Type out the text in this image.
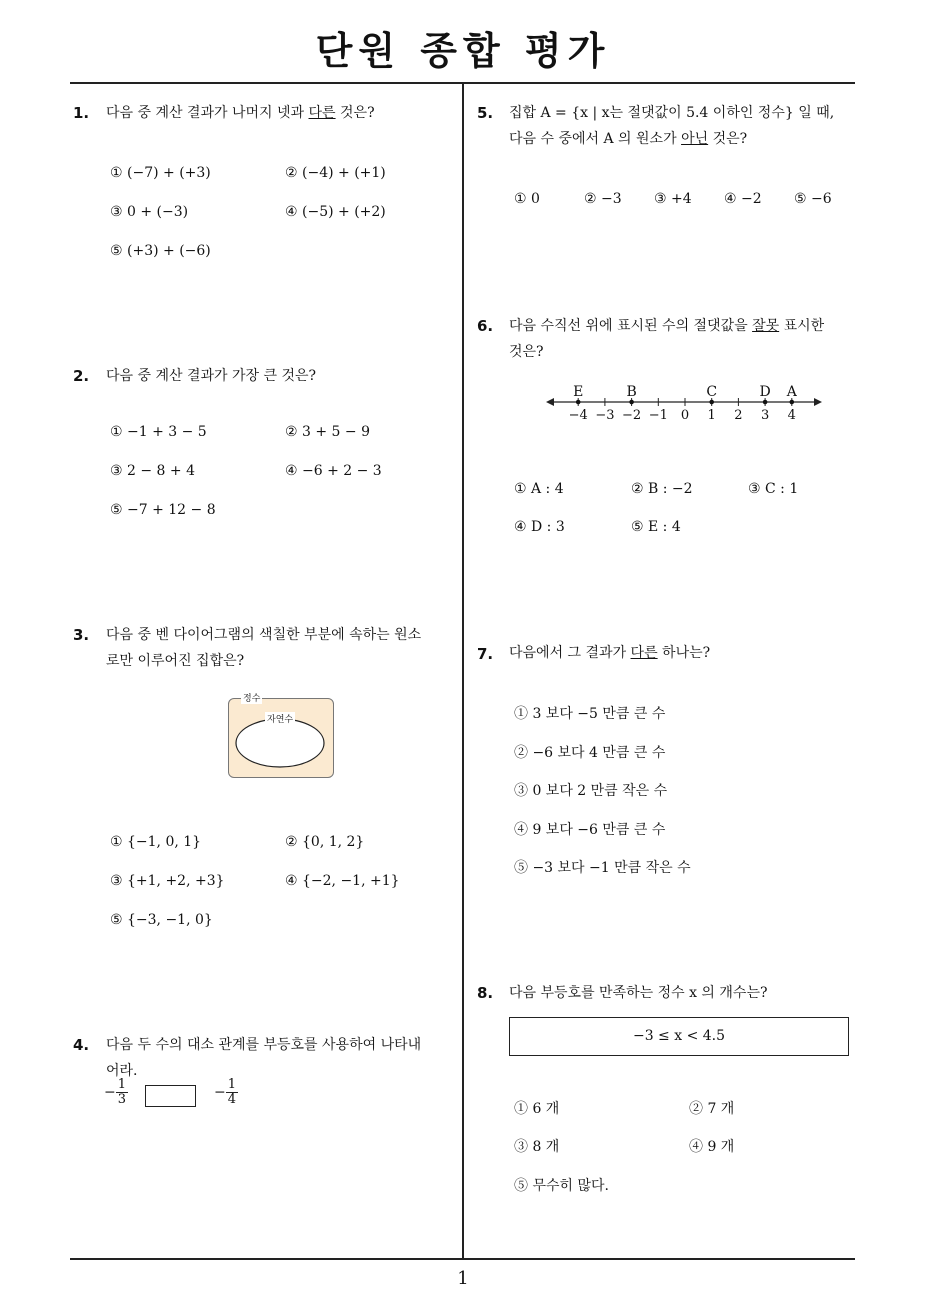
단원 종합 평가
1
1. 다음 중 계산 결과가 나머지 넷과 다른 것은?
① (−7) + (+3)	② (−4) + (+1)
③ 0 + (−3)	④ (−5) + (+2)
⑤ (+3) + (−6)
2. 다음 중 계산 결과가 가장 큰 것은?
① −1 + 3 − 5	② 3 + 5 − 9
③ 2 − 8 + 4	④ −6 + 2 − 3
⑤ −7 + 12 − 8
3. 다음 중 벤 다이어그램의 색칠한 부분에 속하는 원소
로만 이루어진 집합은?
정수
자연수
① {−1, 0, 1}	② {0, 1, 2}
③ {+1, +2, +3}	④ {−2, −1, +1}
⑤ {−3, −1, 0}
4. 다음 두 수의 대소 관계를 부등호를 사용하여 나타내
어라.
− $\frac{1}{3}$	− $\frac{1}{4}$
5. 집합 A = {x | x는 절댓값이 5.4 이하인 정수} 일 때,
다음 수 중에서 A 의 원소가 아닌 것은?
① 0	② −3 ③ +4 ④ −2 ⑤ −6
6. 다음 수직선 위에 표시된 수의 절댓값을 잘못 표시한
것은?
−4 −3 −2 −1 0 1 2 3 4
E	B	C	D A
① A : 4	② B : −2	③ C : 1
④ D : 3	⑤ E : 4
7. 다음에서 그 결과가 다른 하나는?
① 3 보다 −5 만큼 큰 수
② −6 보다 4 만큼 큰 수
③ 0 보다 2 만큼 작은 수
④ 9 보다 −6 만큼 큰 수
⑤ −3 보다 −1 만큼 작은 수
8. 다음 부등호를 만족하는 정수 x 의 개수는?
−3 ≤ x < 4.5
① 6 개	② 7 개
③ 8 개	④ 9 개
⑤ 무수히 많다.
